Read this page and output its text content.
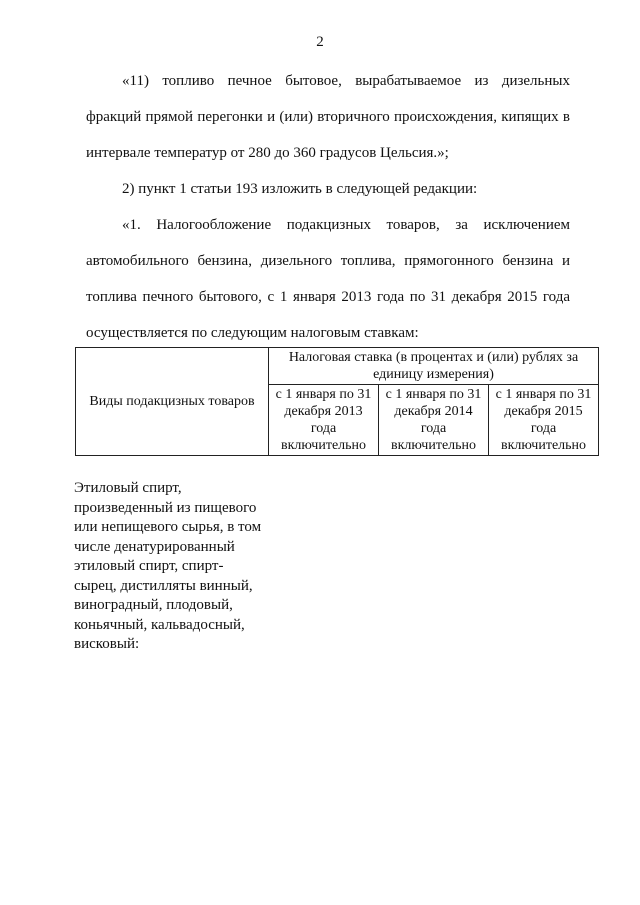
2

«11) топливо печное бытовое, вырабатываемое из дизельных фракций прямой перегонки и (или) вторичного происхождения, кипящих в интервале температур от 280 до 360 градусов Цельсия.»;

2) пункт 1 статьи 193 изложить в следующей редакции:

«1. Налогообложение подакцизных товаров, за исключением автомобильного бензина, дизельного топлива, прямогонного бензина и топлива печного бытового, с 1 января 2013 года по 31 декабря 2015 года осуществляется по следующим налоговым ставкам:

Виды подакцизных товаров	Налоговая ставка (в процентах и (или) рублях за единицу измерения)		
	с 1 января по 31 декабря 2013 года включительно	с 1 января по 31 декабря 2014 года включительно	с 1 января по 31 декабря 2015 года включительно

Этиловый спирт, произведенный из пищевого или непищевого сырья, в том числе денатурированный этиловый спирт, спирт-сырец, дистилляты винный, виноградный, плодовый, коньячный, кальвадосный, висковый:
